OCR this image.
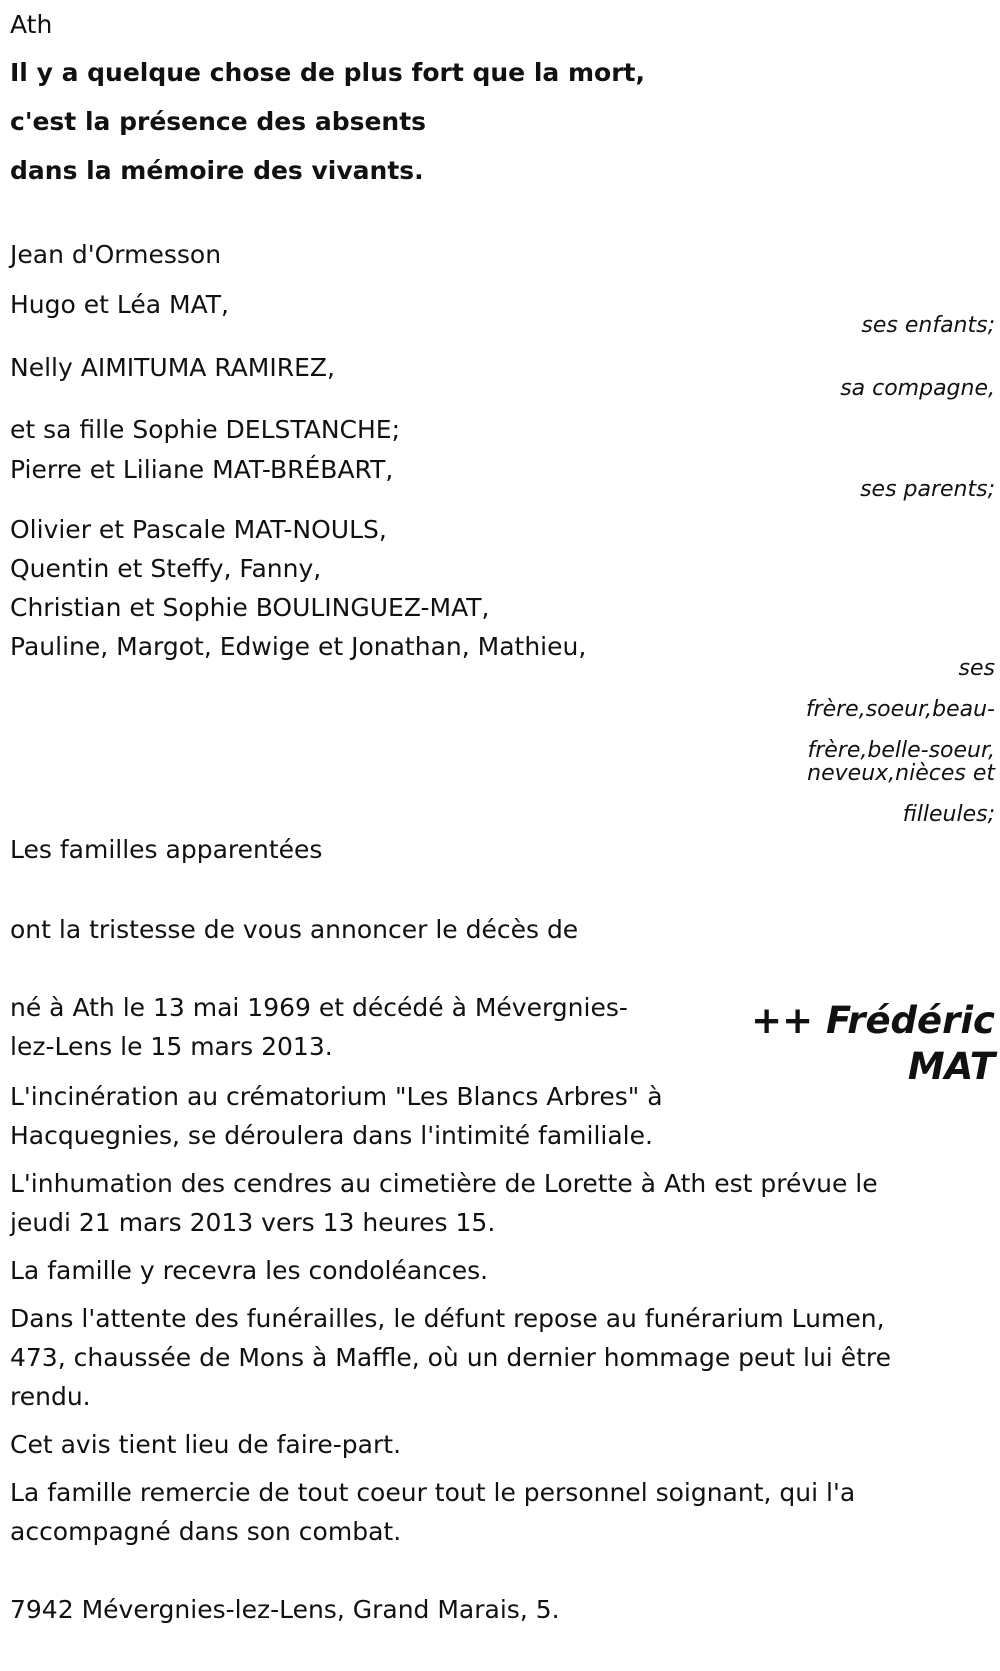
Ath
Il y a quelque chose de plus fort que la mort,
c'est la présence des absents
dans la mémoire des vivants.
Jean d'Ormesson
Hugo et Léa MAT,
ses enfants;
Nelly AIMITUMA RAMIREZ,
sa compagne,
et sa fille Sophie DELSTANCHE;
Pierre et Liliane MAT-BRÉBART,
ses parents;
Olivier et Pascale MAT-NOULS,
Quentin et Steffy, Fanny,
Christian et Sophie BOULINGUEZ-MAT,
Pauline, Margot, Edwige et Jonathan, Mathieu,
ses
frère,soeur,beau-
frère,belle-soeur,
neveux,nièces et
filleules;
Les familles apparentées
ont la tristesse de vous annoncer le décès de
né à Ath le 13 mai 1969 et décédé à Mévergnies-
lez-Lens le 15 mars 2013.
++ Frédéric MAT
L'incinération au crématorium "Les Blancs Arbres" à
Hacquegnies, se déroulera dans l'intimité familiale.
L'inhumation des cendres au cimetière de Lorette à Ath est prévue le
jeudi 21 mars 2013 vers 13 heures 15.
La famille y recevra les condoléances.
Dans l'attente des funérailles, le défunt repose au funérarium Lumen,
473, chaussée de Mons à Maffle, où un dernier hommage peut lui être
rendu.
Cet avis tient lieu de faire-part.
La famille remercie de tout coeur tout le personnel soignant, qui l'a
accompagné dans son combat.
7942 Mévergnies-lez-Lens, Grand Marais, 5.
